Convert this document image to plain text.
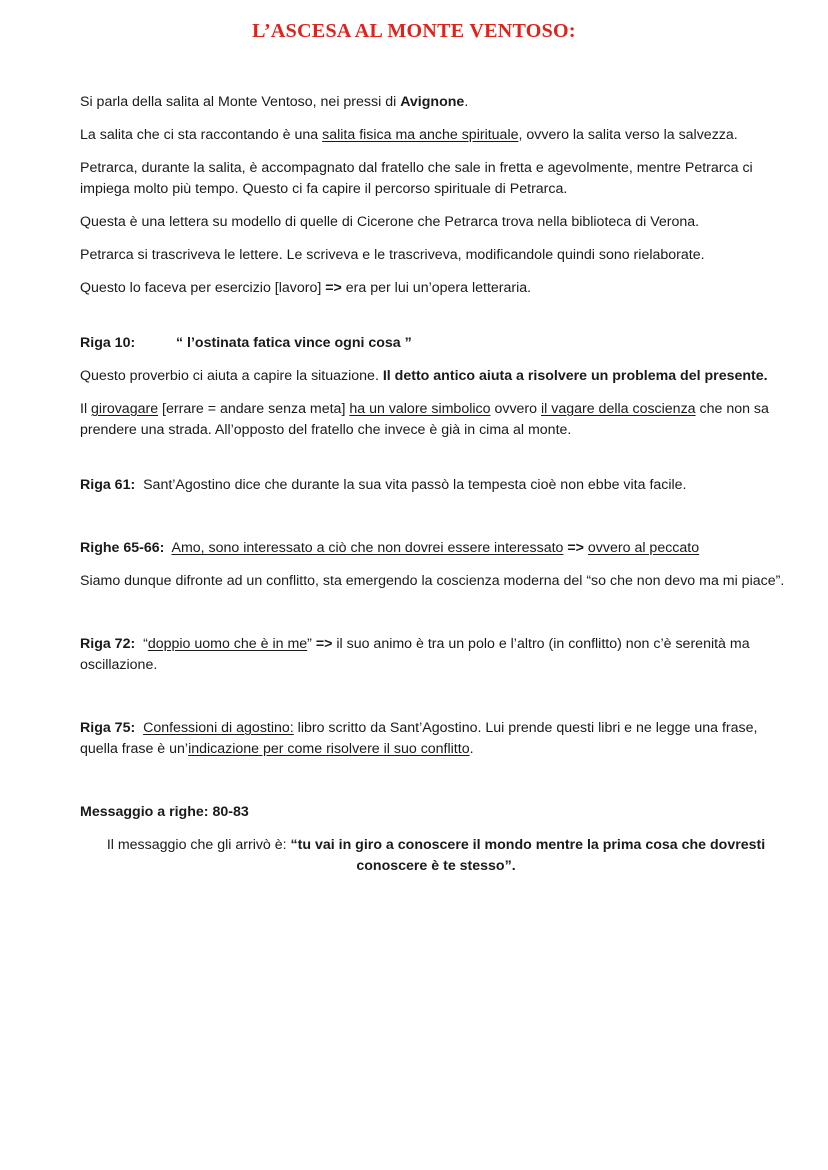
L’ASCESA AL MONTE VENTOSO:

Si parla della salita al Monte Ventoso, nei pressi di Avignone.

La salita che ci sta raccontando è una salita fisica ma anche spirituale, ovvero la salita verso la salvezza.

Petrarca, durante la salita, è accompagnato dal fratello che sale in fretta e agevolmente, mentre Petrarca ci impiega molto più tempo. Questo ci fa capire il percorso spirituale di Petrarca.

Questa è una lettera su modello di quelle di Cicerone che Petrarca trova nella biblioteca di Verona.

Petrarca si trascriveva le lettere. Le scriveva e le trascriveva, modificandole quindi sono rielaborate.

Questo lo faceva per esercizio [lavoro] => era per lui un’opera letteraria.

Riga 10:	“ l’ostinata fatica vince ogni cosa ”

Questo proverbio ci aiuta a capire la situazione. Il detto antico aiuta a risolvere un problema del presente.

Il girovagare [errare = andare senza meta] ha un valore simbolico ovvero il vagare della coscienza che non sa prendere una strada. All’opposto del fratello che invece è già in cima al monte.

Riga 61: Sant’Agostino dice che durante la sua vita passò la tempesta cioè non ebbe vita facile.

Righe 65-66: Amo, sono interessato a ciò che non dovrei essere interessato => ovvero al peccato

Siamo dunque difronte ad un conflitto, sta emergendo la coscienza moderna del “so che non devo ma mi piace”.

Riga 72: “doppio uomo che è in me” => il suo animo è tra un polo e l’altro (in conflitto) non c’è serenità ma oscillazione.

Riga 75: Confessioni di agostino: libro scritto da Sant’Agostino. Lui prende questi libri e ne legge una frase, quella frase è un’indicazione per come risolvere il suo conflitto.

Messaggio a righe: 80-83

Il messaggio che gli arrivò è: “tu vai in giro a conoscere il mondo mentre la prima cosa che dovresti conoscere è te stesso”.
